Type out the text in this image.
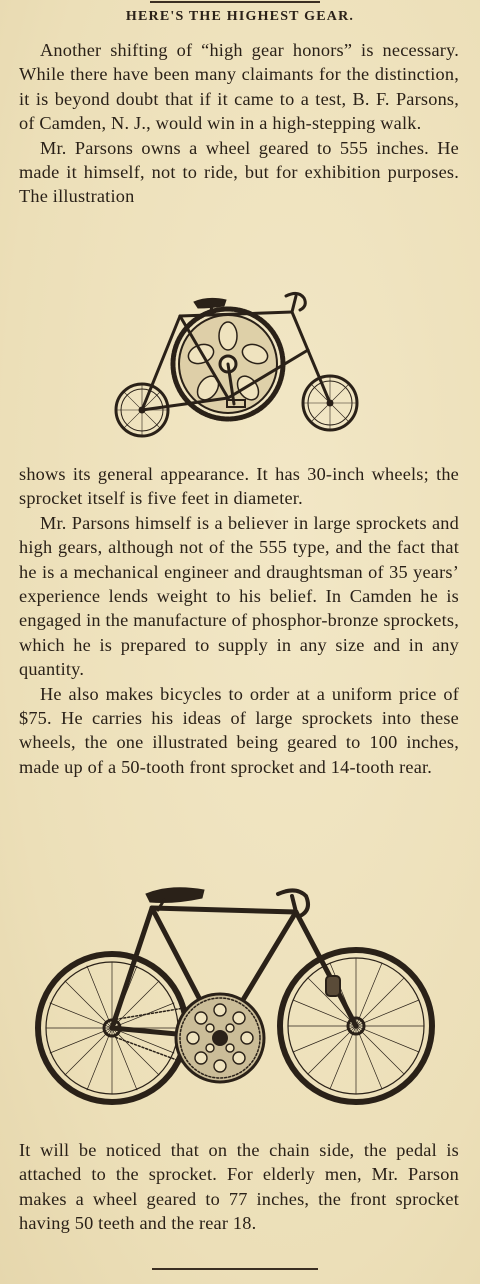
HERE'S THE HIGHEST GEAR.

Another shifting of “high gear honors” is necessary. While there have been many claimants for the distinction, it is beyond doubt that if it came to a test, B. F. Parsons, of Camden, N. J., would win in a high-stepping walk.

Mr. Parsons owns a wheel geared to 555 inches. He made it himself, not to ride, but for exhibition purposes. The illustration

shows its general appearance. It has 30-inch wheels; the sprocket itself is five feet in diameter.

Mr. Parsons himself is a believer in large sprockets and high gears, although not of the 555 type, and the fact that he is a mechanical engineer and draughtsman of 35 years’ experience lends weight to his belief. In Camden he is engaged in the manufacture of phosphor-bronze sprockets, which he is prepared to supply in any size and in any quantity.

He also makes bicycles to order at a uniform price of $75. He carries his ideas of large sprockets into these wheels, the one illustrated being geared to 100 inches, made up of a 50-tooth front sprocket and 14-tooth rear.

It will be noticed that on the chain side, the pedal is attached to the sprocket. For elderly men, Mr. Parson makes a wheel geared to 77 inches, the front sprocket having 50 teeth and the rear 18.
